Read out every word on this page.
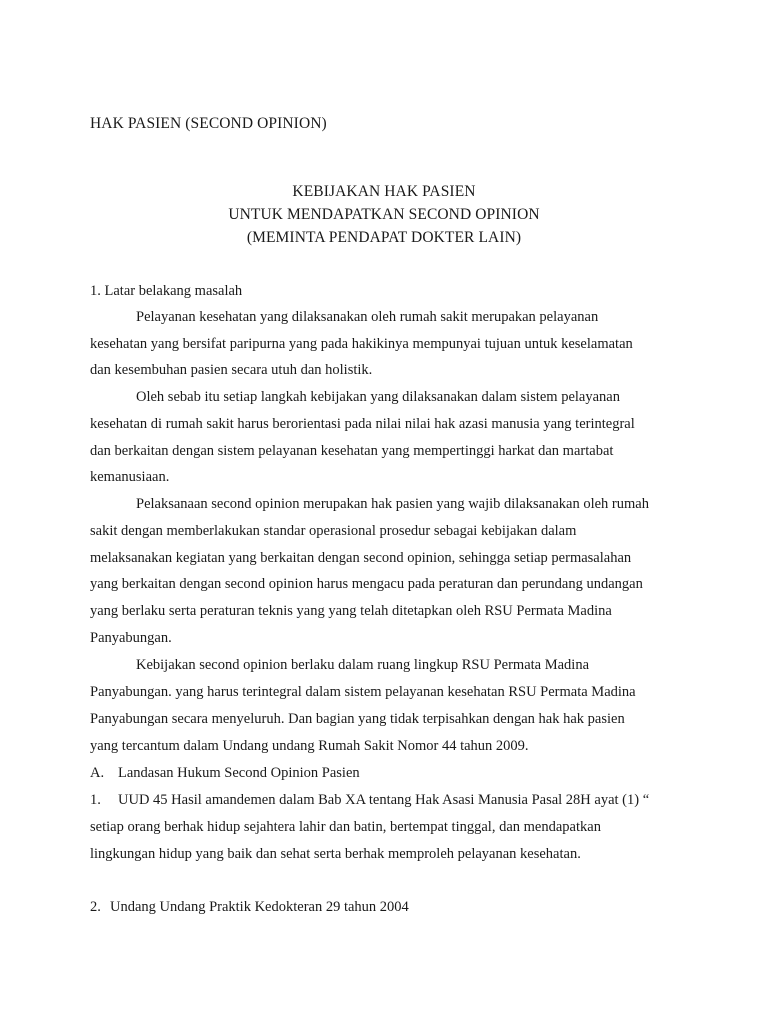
HAK PASIEN (SECOND OPINION)
KEBIJAKAN HAK PASIEN
UNTUK MENDAPATKAN SECOND OPINION
(MEMINTA PENDAPAT DOKTER LAIN)
1. Latar belakang masalah
Pelayanan kesehatan yang dilaksanakan oleh rumah sakit merupakan pelayanan
kesehatan yang bersifat paripurna yang pada hakikinya mempunyai tujuan untuk keselamatan
dan kesembuhan pasien secara utuh dan holistik.
Oleh sebab itu setiap langkah kebijakan yang dilaksanakan dalam sistem pelayanan
kesehatan di rumah sakit harus berorientasi pada nilai nilai hak azasi manusia yang terintegral
dan berkaitan dengan sistem pelayanan kesehatan yang mempertinggi harkat dan martabat
kemanusiaan.
Pelaksanaan second opinion merupakan hak pasien yang wajib dilaksanakan oleh rumah
sakit dengan memberlakukan standar operasional prosedur sebagai kebijakan dalam
melaksanakan kegiatan yang berkaitan dengan second opinion, sehingga setiap permasalahan
yang berkaitan dengan second opinion harus mengacu pada peraturan dan perundang undangan
yang berlaku serta peraturan teknis yang yang telah ditetapkan oleh RSU Permata Madina
Panyabungan.
Kebijakan second opinion berlaku dalam ruang lingkup RSU Permata Madina
Panyabungan. yang harus terintegral dalam sistem pelayanan kesehatan RSU Permata Madina
Panyabungan secara menyeluruh. Dan bagian yang tidak terpisahkan dengan hak hak pasien
yang tercantum dalam Undang undang Rumah Sakit Nomor 44 tahun 2009.
A. Landasan Hukum Second Opinion Pasien
1. UUD 45 Hasil amandemen dalam Bab XA tentang Hak Asasi Manusia Pasal 28H ayat (1) “
setiap orang berhak hidup sejahtera lahir dan batin, bertempat tinggal, dan mendapatkan
lingkungan hidup yang baik dan sehat serta berhak memproleh pelayanan kesehatan.
2. Undang Undang Praktik Kedokteran 29 tahun 2004
